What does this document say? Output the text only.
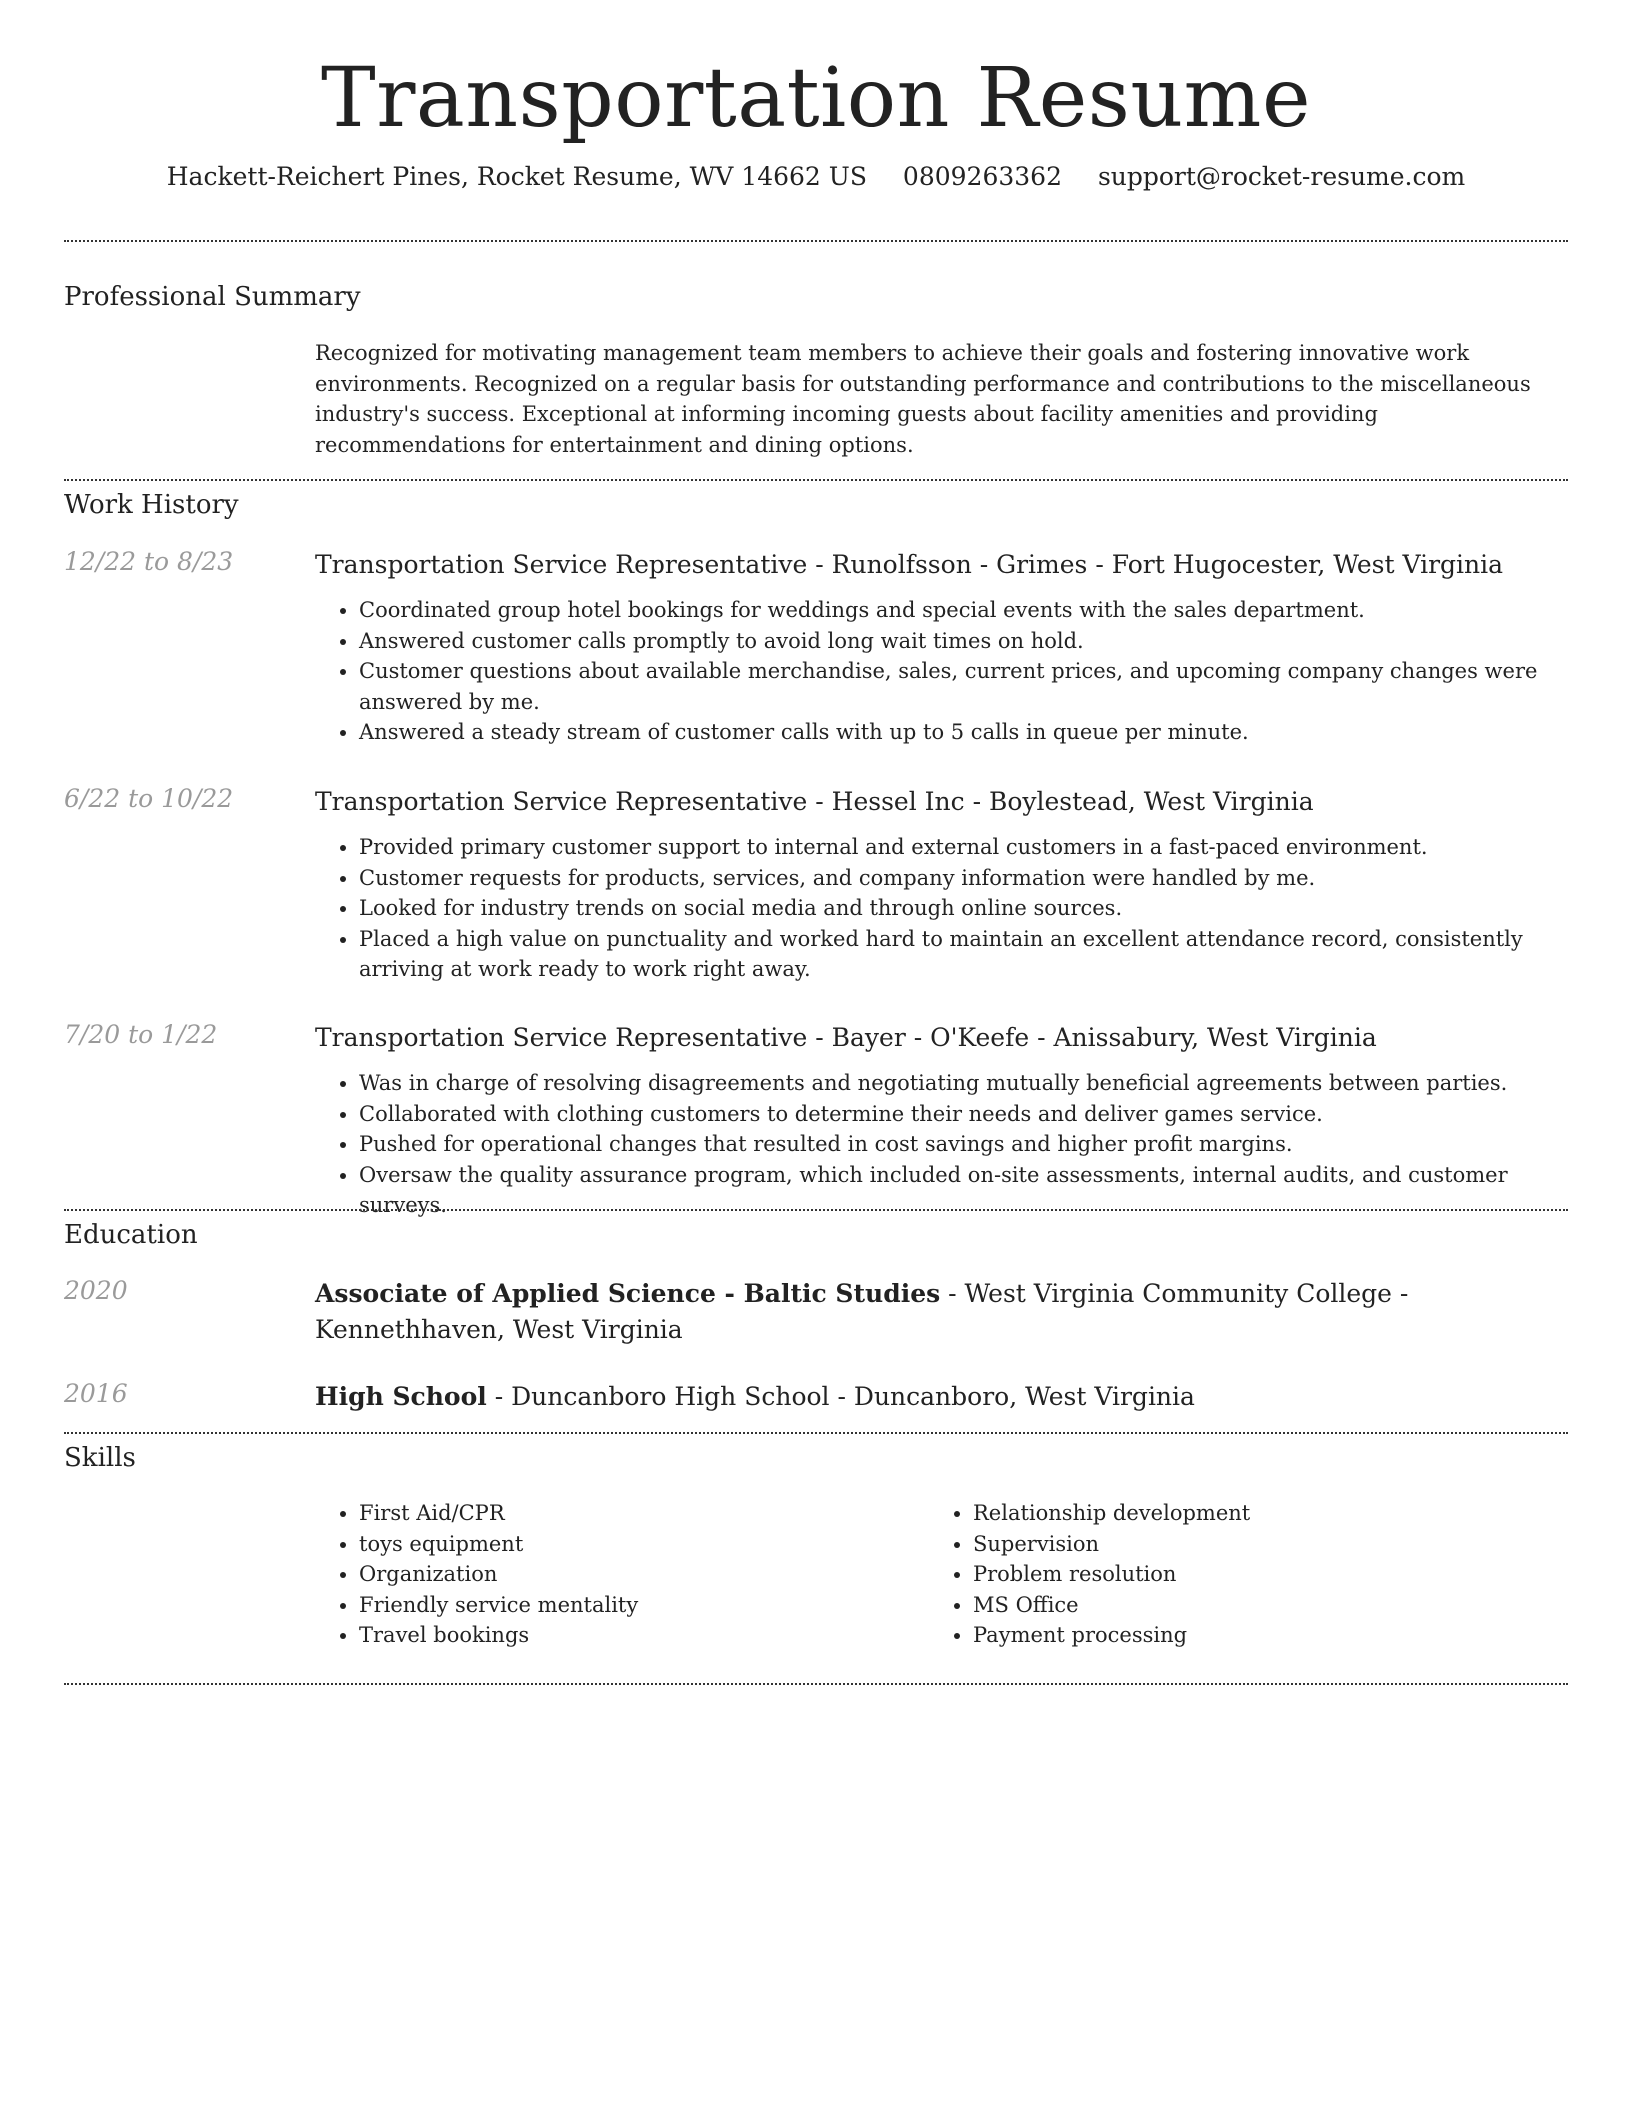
Transportation Resume
Hackett-Reichert Pines, Rocket Resume, WV 14662 US 0809263362 support@rocket-resume.com
Professional Summary
Recognized for motivating management team members to achieve their goals and fostering innovative work environments. Recognized on a regular basis for outstanding performance and contributions to the miscellaneous industry's success. Exceptional at informing incoming guests about facility amenities and providing recommendations for entertainment and dining options.
Work History
12/22 to 8/23	Transportation Service Representative - Runolfsson - Grimes - Fort Hugocester, West Virginia
• Coordinated group hotel bookings for weddings and special events with the sales department.
• Answered customer calls promptly to avoid long wait times on hold.
• Customer questions about available merchandise, sales, current prices, and upcoming company changes were answered by me.
• Answered a steady stream of customer calls with up to 5 calls in queue per minute.
6/22 to 10/22	Transportation Service Representative - Hessel Inc - Boylestead, West Virginia
• Provided primary customer support to internal and external customers in a fast-paced environment.
• Customer requests for products, services, and company information were handled by me.
• Looked for industry trends on social media and through online sources.
• Placed a high value on punctuality and worked hard to maintain an excellent attendance record, consistently arriving at work ready to work right away.
7/20 to 1/22	Transportation Service Representative - Bayer - O'Keefe - Anissabury, West Virginia
• Was in charge of resolving disagreements and negotiating mutually beneficial agreements between parties.
• Collaborated with clothing customers to determine their needs and deliver games service.
• Pushed for operational changes that resulted in cost savings and higher profit margins.
• Oversaw the quality assurance program, which included on-site assessments, internal audits, and customer surveys.
Education
2020	Associate of Applied Science - Baltic Studies - West Virginia Community College - Kennethhaven, West Virginia
2016	High School - Duncanboro High School - Duncanboro, West Virginia
Skills
• First Aid/CPR
• toys equipment
• Organization
• Friendly service mentality
• Travel bookings
• Relationship development
• Supervision
• Problem resolution
• MS Office
• Payment processing
